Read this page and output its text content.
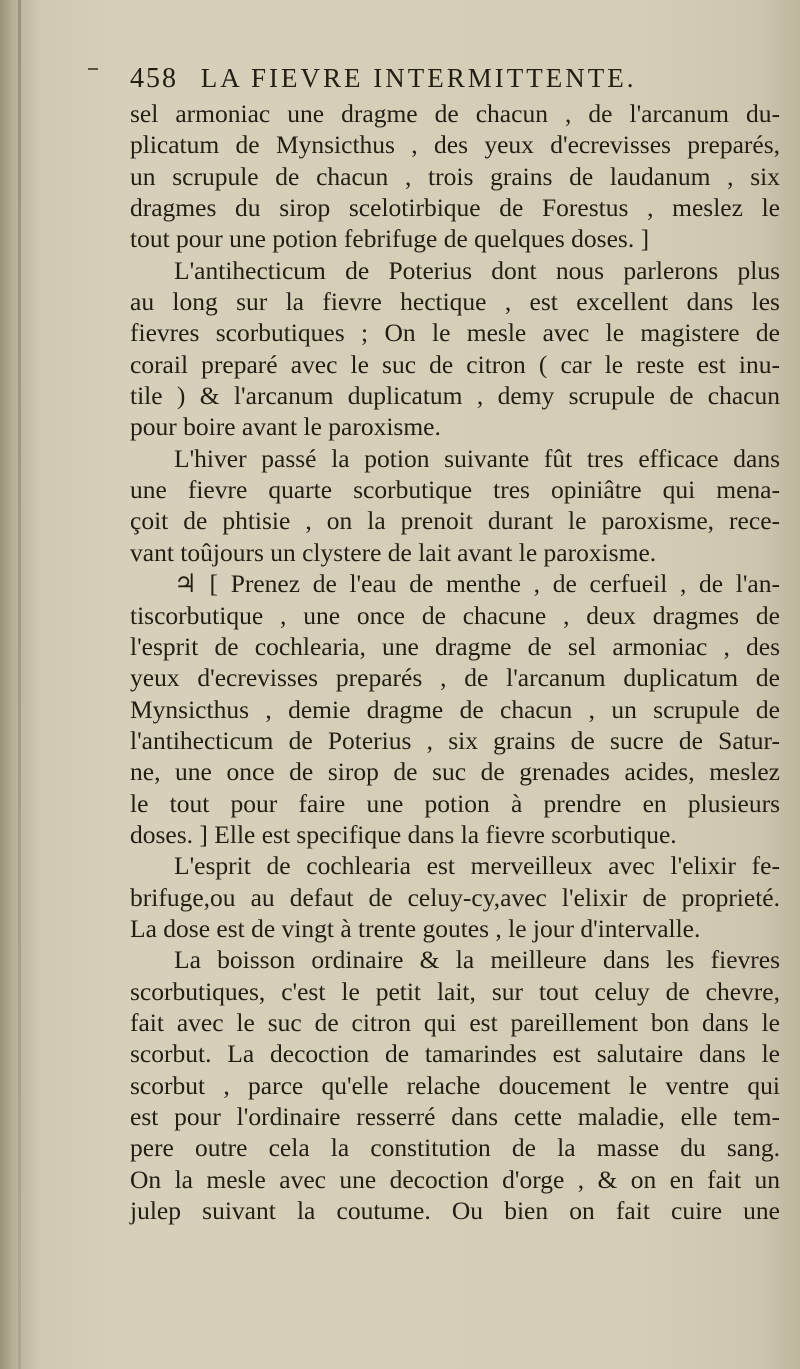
458 LA FIEVRE INTERMITTENTE.
sel armoniac une dragme de chacun , de l'arcanum du-
plicatum de Mynsicthus , des yeux d'ecrevisses preparés,
un scrupule de chacun , trois grains de laudanum , six
dragmes du sirop scelotirbique de Forestus , meslez le
tout pour une potion febrifuge de quelques doses. ]
L'antihecticum de Poterius dont nous parlerons plus
au long sur la fievre hectique , est excellent dans les
fievres scorbutiques ; On le mesle avec le magistere de
corail preparé avec le suc de citron ( car le reste est inu-
tile ) & l'arcanum duplicatum , demy scrupule de chacun
pour boire avant le paroxisme.
L'hiver passé la potion suivante fût tres efficace dans
une fievre quarte scorbutique tres opiniâtre qui mena-
çoit de phtisie , on la prenoit durant le paroxisme, rece-
vant toûjours un clystere de lait avant le paroxisme.
♃ [ Prenez de l'eau de menthe , de cerfueil , de l'an-
tiscorbutique , une once de chacune , deux dragmes de
l'esprit de cochlearia, une dragme de sel armoniac , des
yeux d'ecrevisses preparés , de l'arcanum duplicatum de
Mynsicthus , demie dragme de chacun , un scrupule de
l'antihecticum de Poterius , six grains de sucre de Satur-
ne, une once de sirop de suc de grenades acides, meslez
le tout pour faire une potion à prendre en plusieurs
doses. ] Elle est specifique dans la fievre scorbutique.
L'esprit de cochlearia est merveilleux avec l'elixir fe-
brifuge,ou au defaut de celuy-cy,avec l'elixir de proprieté.
La dose est de vingt à trente goutes , le jour d'intervalle.
La boisson ordinaire & la meilleure dans les fievres
scorbutiques, c'est le petit lait, sur tout celuy de chevre,
fait avec le suc de citron qui est pareillement bon dans le
scorbut. La decoction de tamarindes est salutaire dans le
scorbut , parce qu'elle relache doucement le ventre qui
est pour l'ordinaire resserré dans cette maladie, elle tem-
pere outre cela la constitution de la masse du sang.
On la mesle avec une decoction d'orge , & on en fait un
julep suivant la coutume. Ou bien on fait cuire une
